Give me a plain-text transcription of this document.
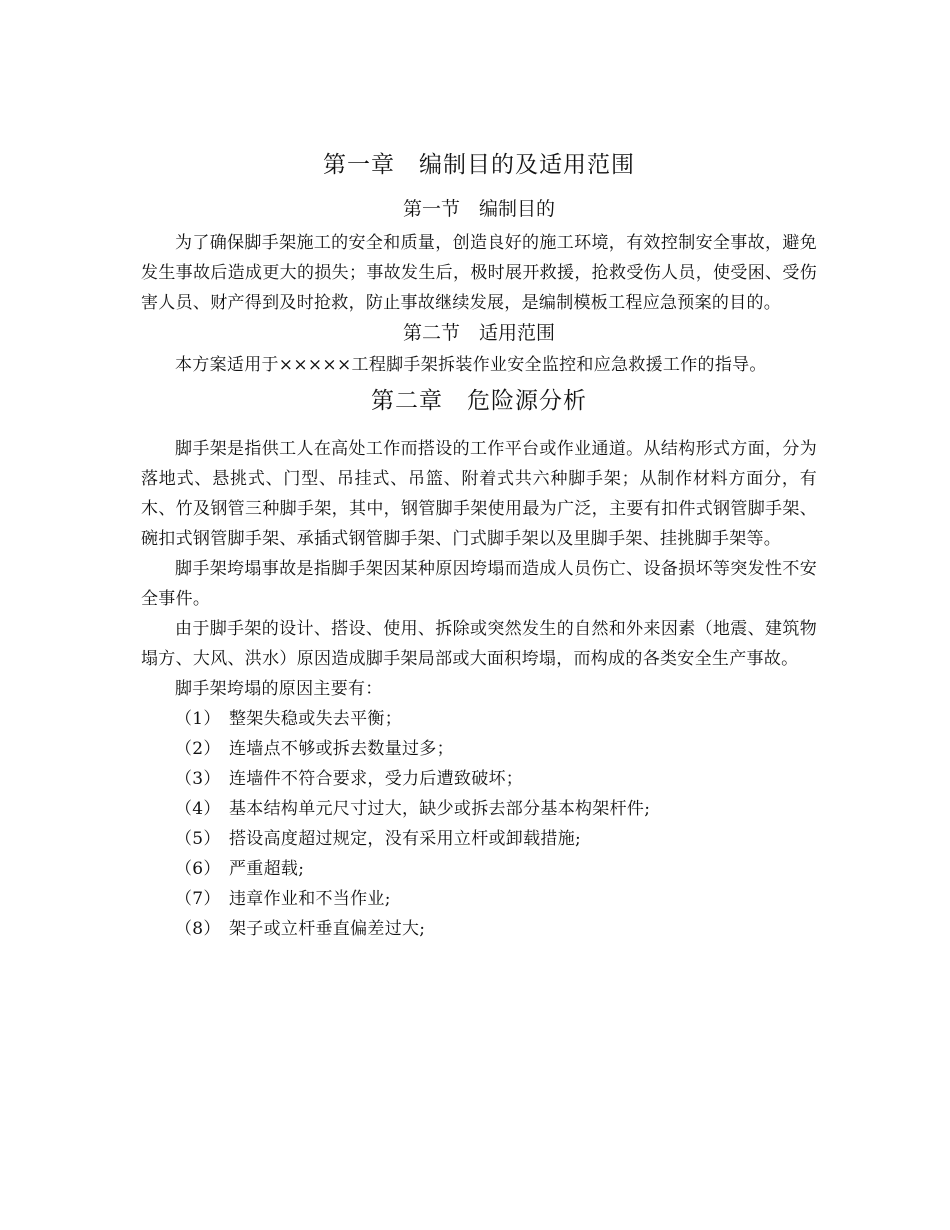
第一章　编制目的及适用范围
第一节　编制目的

为了确保脚手架施工的安全和质量，创造良好的施工环境，有效控制安全事故，避免发生事故后造成更大的损失；事故发生后，极时展开救援，抢救受伤人员，使受困、受伤害人员、财产得到及时抢救，防止事故继续发展，是编制模板工程应急预案的目的。

第二节　适用范围

本方案适用于×××××工程脚手架拆装作业安全监控和应急救援工作的指导。

第二章　危险源分析

脚手架是指供工人在高处工作而搭设的工作平台或作业通道。从结构形式方面，分为落地式、悬挑式、门型、吊挂式、吊篮、附着式共六种脚手架；从制作材料方面分，有木、竹及钢管三种脚手架，其中，钢管脚手架使用最为广泛，主要有扣件式钢管脚手架、碗扣式钢管脚手架、承插式钢管脚手架、门式脚手架以及里脚手架、挂挑脚手架等。

脚手架垮塌事故是指脚手架因某种原因垮塌而造成人员伤亡、设备损坏等突发性不安全事件。

由于脚手架的设计、搭设、使用、拆除或突然发生的自然和外来因素（地震、建筑物塌方、大风、洪水）原因造成脚手架局部或大面积垮塌，而构成的各类安全生产事故。

脚手架垮塌的原因主要有：

（1） 整架失稳或失去平衡；

（2） 连墙点不够或拆去数量过多；

（3） 连墙件不符合要求，受力后遭致破坏；

（4） 基本结构单元尺寸过大，缺少或拆去部分基本构架杆件;

（5） 搭设高度超过规定，没有采用立杆或卸载措施;

（6） 严重超载;

（7） 违章作业和不当作业;

（8） 架子或立杆垂直偏差过大;
